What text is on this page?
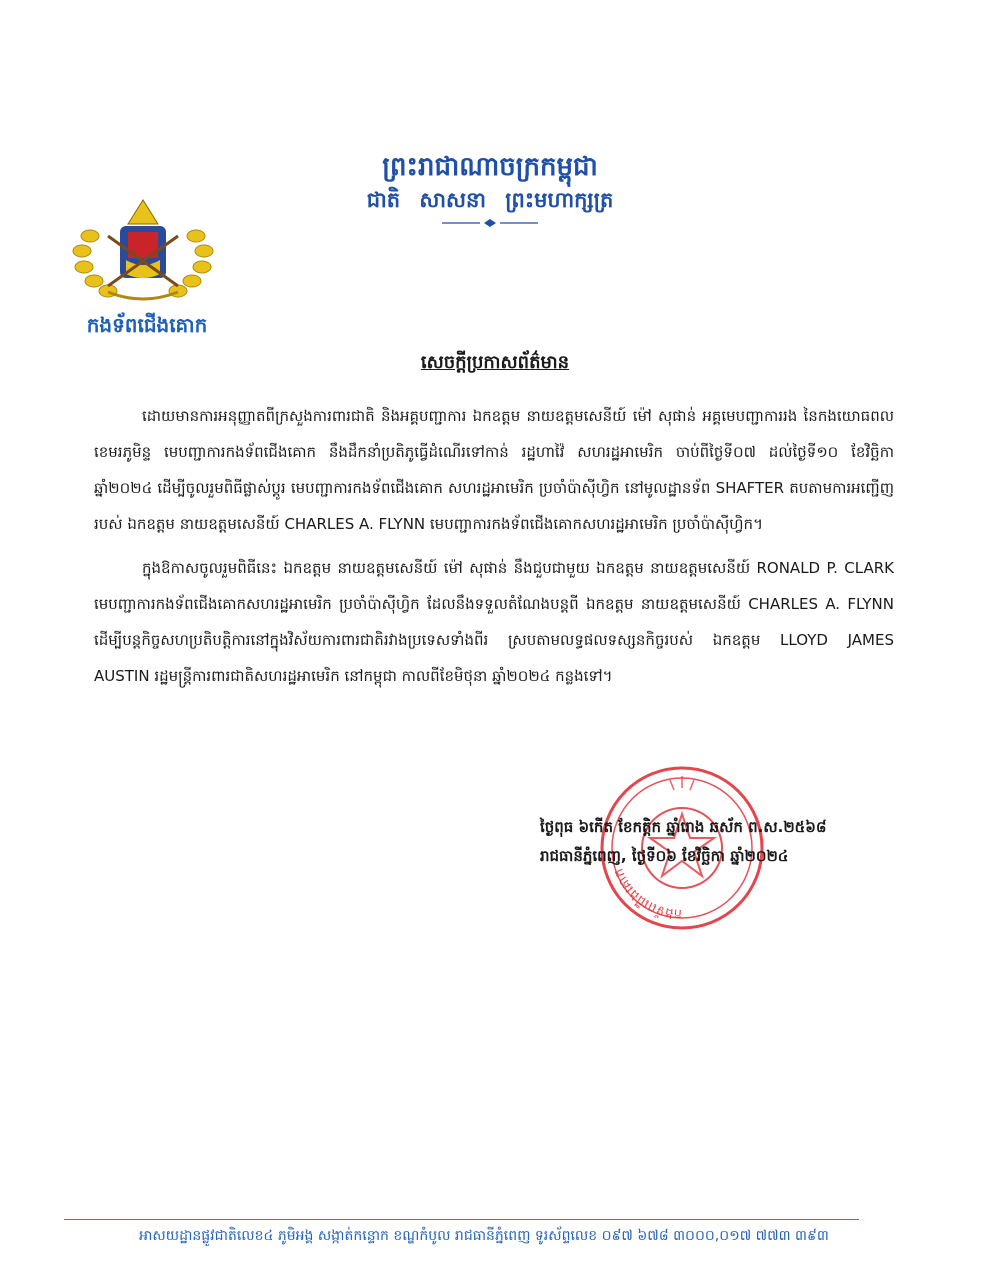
ព្រះរាជាណាចក្រកម្ពុជា
ជាតិ សាសនា ព្រះមហាក្សត្រ
កងទ័ពជើងគោក
សេចក្តីប្រកាសព័ត៌មាន

ដោយមានការអនុញ្ញាតពីក្រសួងការពារជាតិ និងអគ្គបញ្ជាការ ឯកឧត្តម នាយឧត្តមសេនីយ៍ ម៉ៅ សុផាន់ អគ្គមេបញ្ជាការរង នៃកងយោធពលខេមរភូមិន្ទ មេបញ្ជាការកងទ័ពជើងគោក នឹងដឹកនាំប្រតិភូធ្វើដំណើរទៅកាន់ រដ្ឋហាវ៉ៃ សហរដ្ឋអាមេរិក ចាប់ពីថ្ងៃទី០៧ ដល់ថ្ងៃទី១០ ខែវិច្ឆិកា ឆ្នាំ២០២៤ ដើម្បីចូលរួមពិធីផ្លាស់ប្តូរ មេបញ្ជាការកងទ័ពជើងគោក សហរដ្ឋអាមេរិក ប្រចាំប៉ាស៊ីហ្វិក នៅមូលដ្ឋានទ័ព SHAFTER តបតាមការអញ្ជើញរបស់ ឯកឧត្តម នាយឧត្តមសេនីយ៍ CHARLES A. FLYNN មេបញ្ជាការកងទ័ពជើងគោកសហរដ្ឋអាមេរិក ប្រចាំប៉ាស៊ីហ្វិក។

ក្នុងឱកាសចូលរួមពិធីនេះ ឯកឧត្តម នាយឧត្តមសេនីយ៍ ម៉ៅ សុផាន់ នឹងជួបជាមួយ ឯកឧត្តម នាយឧត្តមសេនីយ៍ RONALD P. CLARK មេបញ្ជាការកងទ័ពជើងគោកសហរដ្ឋអាមេរិក ប្រចាំប៉ាស៊ីហ្វិក ដែលនឹងទទួលតំណែងបន្តពី ឯកឧត្តម នាយឧត្តមសេនីយ៍ CHARLES A. FLYNN ដើម្បីបន្តកិច្ចសហប្រតិបត្តិការនៅក្នុងវិស័យការពារជាតិរវាងប្រទេសទាំងពីរ ស្របតាមលទ្ធផលទស្សនកិច្ចរបស់ ឯកឧត្តម LLOYD JAMES AUSTIN រដ្ឋមន្ត្រីការពារជាតិសហរដ្ឋអាមេរិក នៅកម្ពុជា កាលពីខែមិថុនា ឆ្នាំ២០២៤ កន្លងទៅ។

កងទ័ពជើងគោក
ថ្ងៃពុធ ៦កើត ខែកត្តិក ឆ្នាំរោង ឆស័ក ព.ស.២៥៦៨
រាជធានីភ្នំពេញ, ថ្ងៃទី០៦ ខែវិច្ឆិកា ឆ្នាំ២០២៤
អាសយដ្ឋានផ្លូវជាតិលេខ៤ ភូមិអង្គ សង្កាត់កន្ទោក ខណ្ឌកំបូល រាជធានីភ្នំពេញ ទូរស័ព្ទលេខ ០៩៧ ៦៧៨ ៣០០០,០១៧ ៧៧៣ ៣៩៣
